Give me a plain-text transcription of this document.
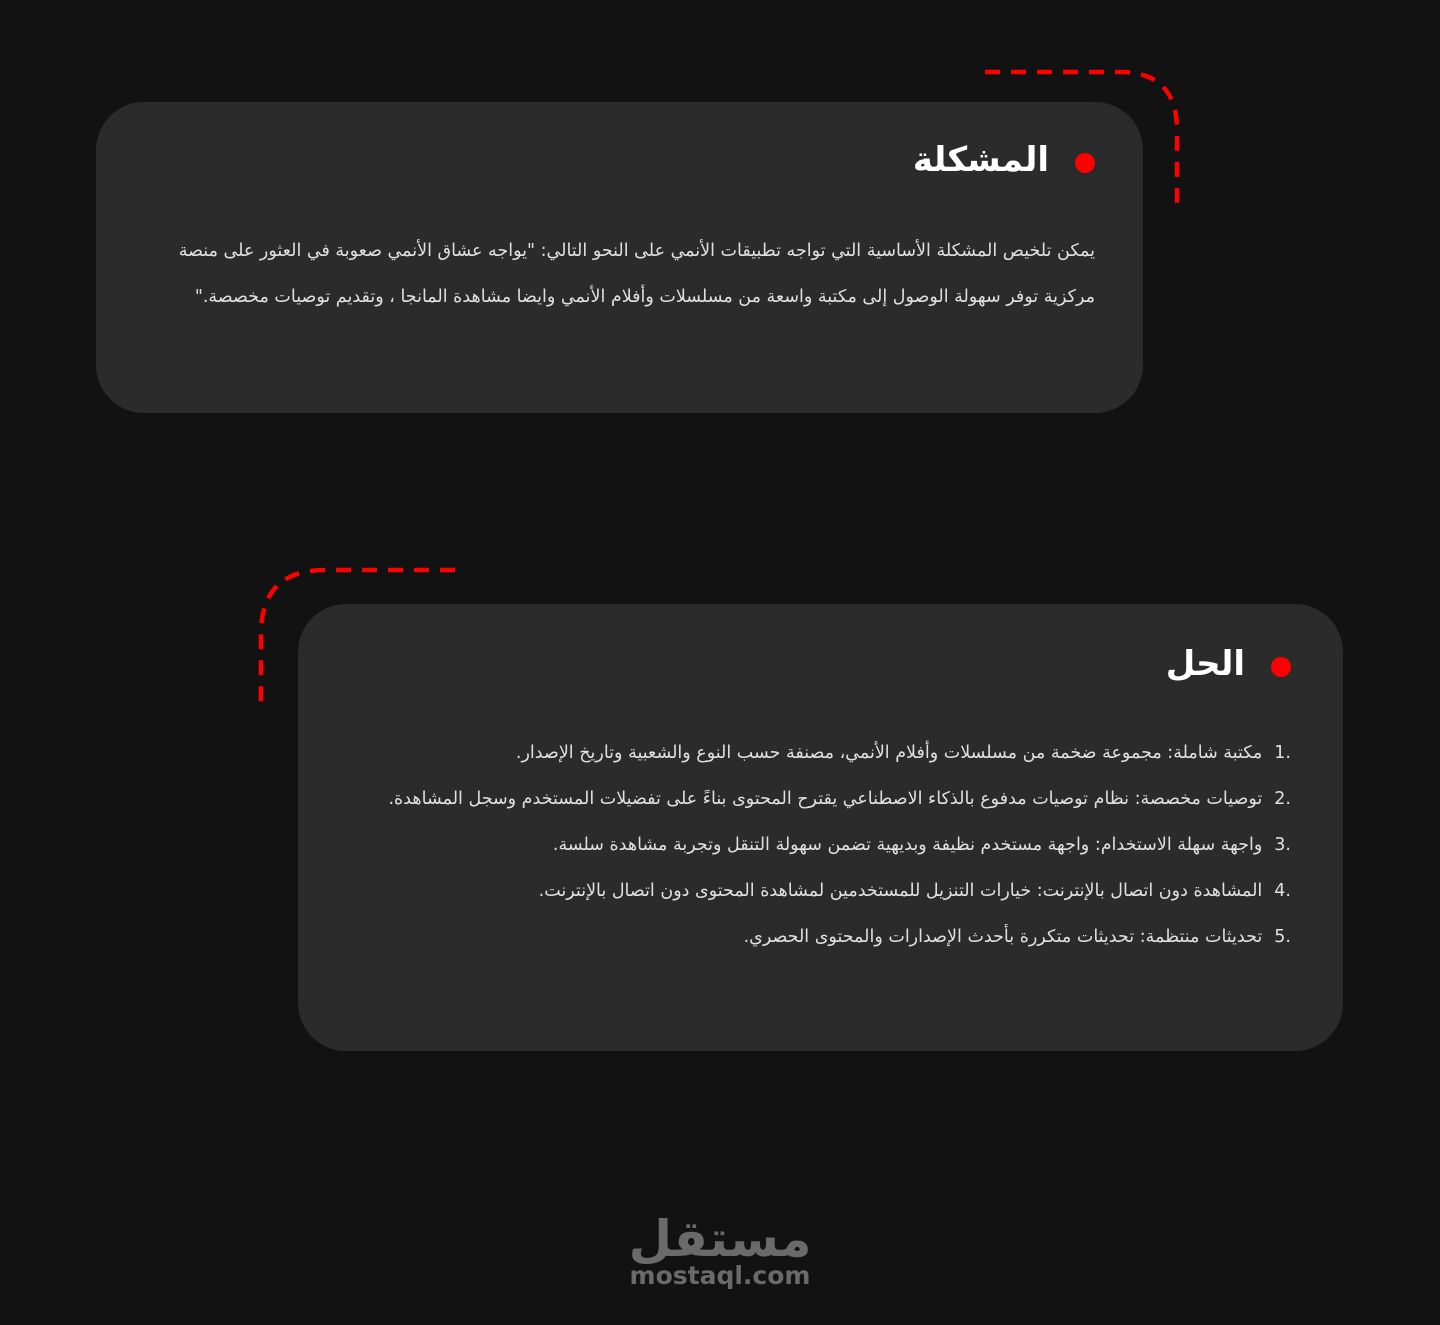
المشكلة

يمكن تلخيص المشكلة الأساسية التي تواجه تطبيقات الأنمي على النحو التالي: "يواجه عشاق الأنمي صعوبة في العثور على منصة مركزية توفر سهولة الوصول إلى مكتبة واسعة من مسلسلات وأفلام الأنمي وايضا مشاهدة المانجا ، وتقديم توصيات مخصصة."

الحل
1.
مكتبة شاملة: مجموعة ضخمة من مسلسلات وأفلام الأنمي، مصنفة حسب النوع والشعبية وتاريخ الإصدار.
2.
توصيات مخصصة: نظام توصيات مدفوع بالذكاء الاصطناعي يقترح المحتوى بناءً على تفضيلات المستخدم وسجل المشاهدة.
3.
واجهة سهلة الاستخدام: واجهة مستخدم نظيفة وبديهية تضمن سهولة التنقل وتجربة مشاهدة سلسة.
4.
المشاهدة دون اتصال بالإنترنت: خيارات التنزيل للمستخدمين لمشاهدة المحتوى دون اتصال بالإنترنت.
5.
تحديثات منتظمة: تحديثات متكررة بأحدث الإصدارات والمحتوى الحصري.
مستقل
mostaql.com
